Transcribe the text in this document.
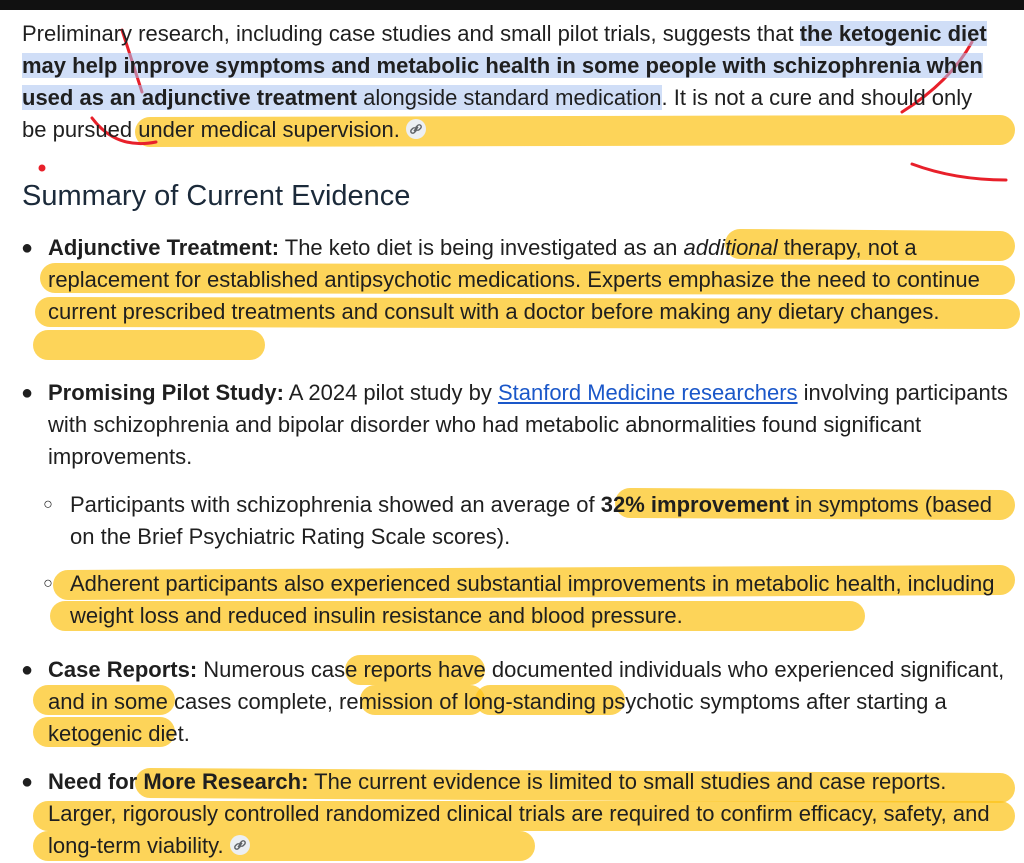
Preliminary research, including case studies and small pilot trials, suggests that the ketogenic diet may help improve symptoms and metabolic health in some people with schizophrenia when used as an adjunctive treatment alongside standard medication. It is not a cure and should only be pursued under medical supervision.
Summary of Current Evidence
● Adjunctive Treatment: The keto diet is being investigated as an additional therapy, not a replacement for established antipsychotic medications. Experts emphasize the need to continue current prescribed treatments and consult with a doctor before making any dietary changes.
● Promising Pilot Study: A 2024 pilot study by Stanford Medicine researchers involving participants with schizophrenia and bipolar disorder who had metabolic abnormalities found significant improvements.
○ Participants with schizophrenia showed an average of 32% improvement in symptoms (based on the Brief Psychiatric Rating Scale scores).
○ Adherent participants also experienced substantial improvements in metabolic health, including weight loss and reduced insulin resistance and blood pressure.
● Case Reports: Numerous case reports have documented individuals who experienced significant, and in some cases complete, remission of long-standing psychotic symptoms after starting a ketogenic diet.
● Need for More Research: The current evidence is limited to small studies and case reports. Larger, rigorously controlled randomized clinical trials are required to confirm efficacy, safety, and long-term viability.
